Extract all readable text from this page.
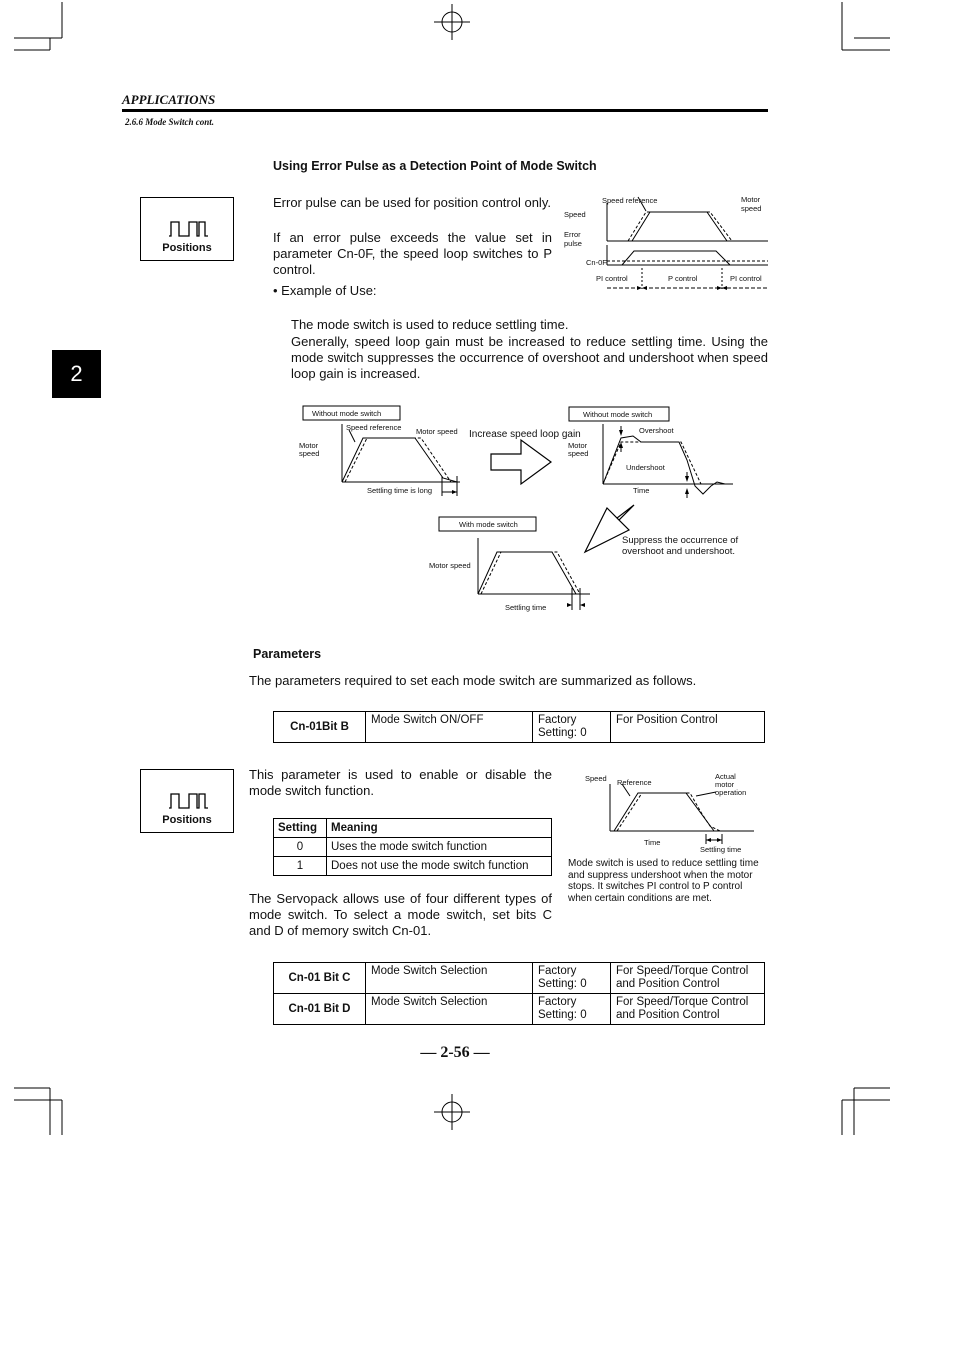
APPLICATIONS
2.6.6 Mode Switch cont.
2
Using Error Pulse as a Detection Point of Mode Switch
Positions
Error pulse can be used for position control only.
If an error pulse exceeds the value set in parameter Cn-0F, the speed loop switches to P control.
• Example of Use:
Speed reference	Motor
speed
Speed
Error
pulse
Cn-0F
PI control	P control	PI control
The mode switch is used to reduce settling time.
Generally, speed loop gain must be increased to reduce settling time. Using the mode switch suppresses the occurrence of overshoot and undershoot when speed loop gain is increased.
Without mode switch
Speed reference Motor speed
Motor
speed
Settling time is long
Increase speed loop gain
Without mode switch
Overshoot
Motor
speed
Undershoot
Time
With mode switch
Motor speed
Settling time
Suppress the occurrence of overshoot and undershoot.
Parameters
The parameters required to set each mode switch are summarized as follows.
Cn-01Bit B	Mode Switch ON/OFF	Factory Setting: 0	For Position Control
Positions
This parameter is used to enable or disable the mode switch function.
Setting	Meaning
0	Uses the mode switch function
1	Does not use the mode switch function
Speed Reference
Actual
motor
operation
Time
Settling time
Mode switch is used to reduce settling time and suppress undershoot when the motor stops. It switches PI control to P control when certain conditions are met.
The Servopack allows use of four different types of mode switch. To select a mode switch, set bits C and D of memory switch Cn-01.
Cn-01 Bit C	Mode Switch Selection	Factory Setting: 0	For Speed/Torque Control and Position Control
Cn-01 Bit D	Mode Switch Selection	Factory Setting: 0	For Speed/Torque Control and Position Control
— 2-56 —
